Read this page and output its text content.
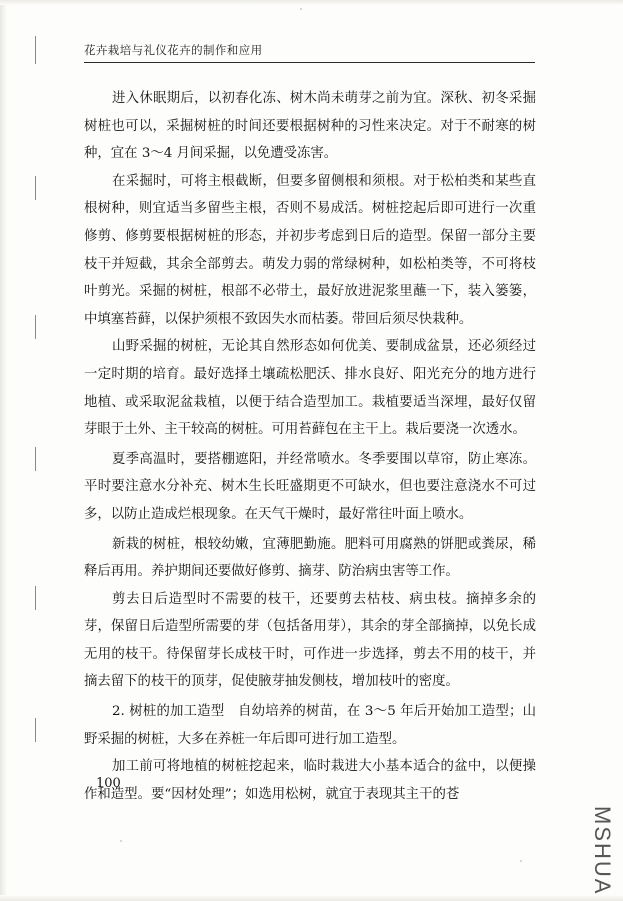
花卉栽培与礼仪花卉的制作和应用

进入休眠期后，以初春化冻、树木尚未萌芽之前为宜。深秋、初冬采掘树桩也可以，采掘树桩的时间还要根据树种的习性来决定。对于不耐寒的树种，宜在 3～4 月间采掘，以免遭受冻害。

在采掘时，可将主根截断，但要多留侧根和须根。对于松柏类和某些直根树种，则宜适当多留些主根，否则不易成活。树桩挖起后即可进行一次重修剪、修剪要根据树桩的形态，并初步考虑到日后的造型。保留一部分主要枝干并短截，其余全部剪去。萌发力弱的常绿树种，如松柏类等，不可将枝叶剪光。采掘的树桩，根部不必带土，最好放进泥浆里蘸一下，装入篓篓，中填塞苔藓，以保护须根不致因失水而枯萎。带回后须尽快栽种。

山野采掘的树桩，无论其自然形态如何优美、要制成盆景，还必须经过一定时期的培育。最好选择土壤疏松肥沃、排水良好、阳光充分的地方进行地植、或采取泥盆栽植，以便于结合造型加工。栽植要适当深埋，最好仅留芽眼于土外、主干较高的树桩。可用苔藓包在主干上。栽后要浇一次透水。

夏季高温时，要搭棚遮阳，并经常喷水。冬季要围以草帘，防止寒冻。平时要注意水分补充、树木生长旺盛期更不可缺水，但也要注意浇水不可过多，以防止造成烂根现象。在天气干燥时，最好常往叶面上喷水。

新栽的树桩，根较幼嫩，宜薄肥勤施。肥料可用腐熟的饼肥或粪尿，稀释后再用。养护期间还要做好修剪、摘芽、防治病虫害等工作。

剪去日后造型时不需要的枝干，还要剪去枯枝、病虫枝。摘掉多余的芽，保留日后造型所需要的芽（包括备用芽），其余的芽全部摘掉，以免长成无用的枝干。待保留芽长成枝干时，可作进一步选择，剪去不用的枝干，并摘去留下的枝干的顶芽，促使腋芽抽发侧枝，增加枝叶的密度。

2. 树桩的加工造型　自幼培养的树苗，在 3～5 年后开始加工造型；山野采掘的树桩，大多在养桩一年后即可进行加工造型。

加工前可将地植的树桩挖起来，临时栽进大小基本适合的盆中，以便操作和造型。要“因材处理”；如选用松树，就宜于表现其主干的苍

100
MSHUA
